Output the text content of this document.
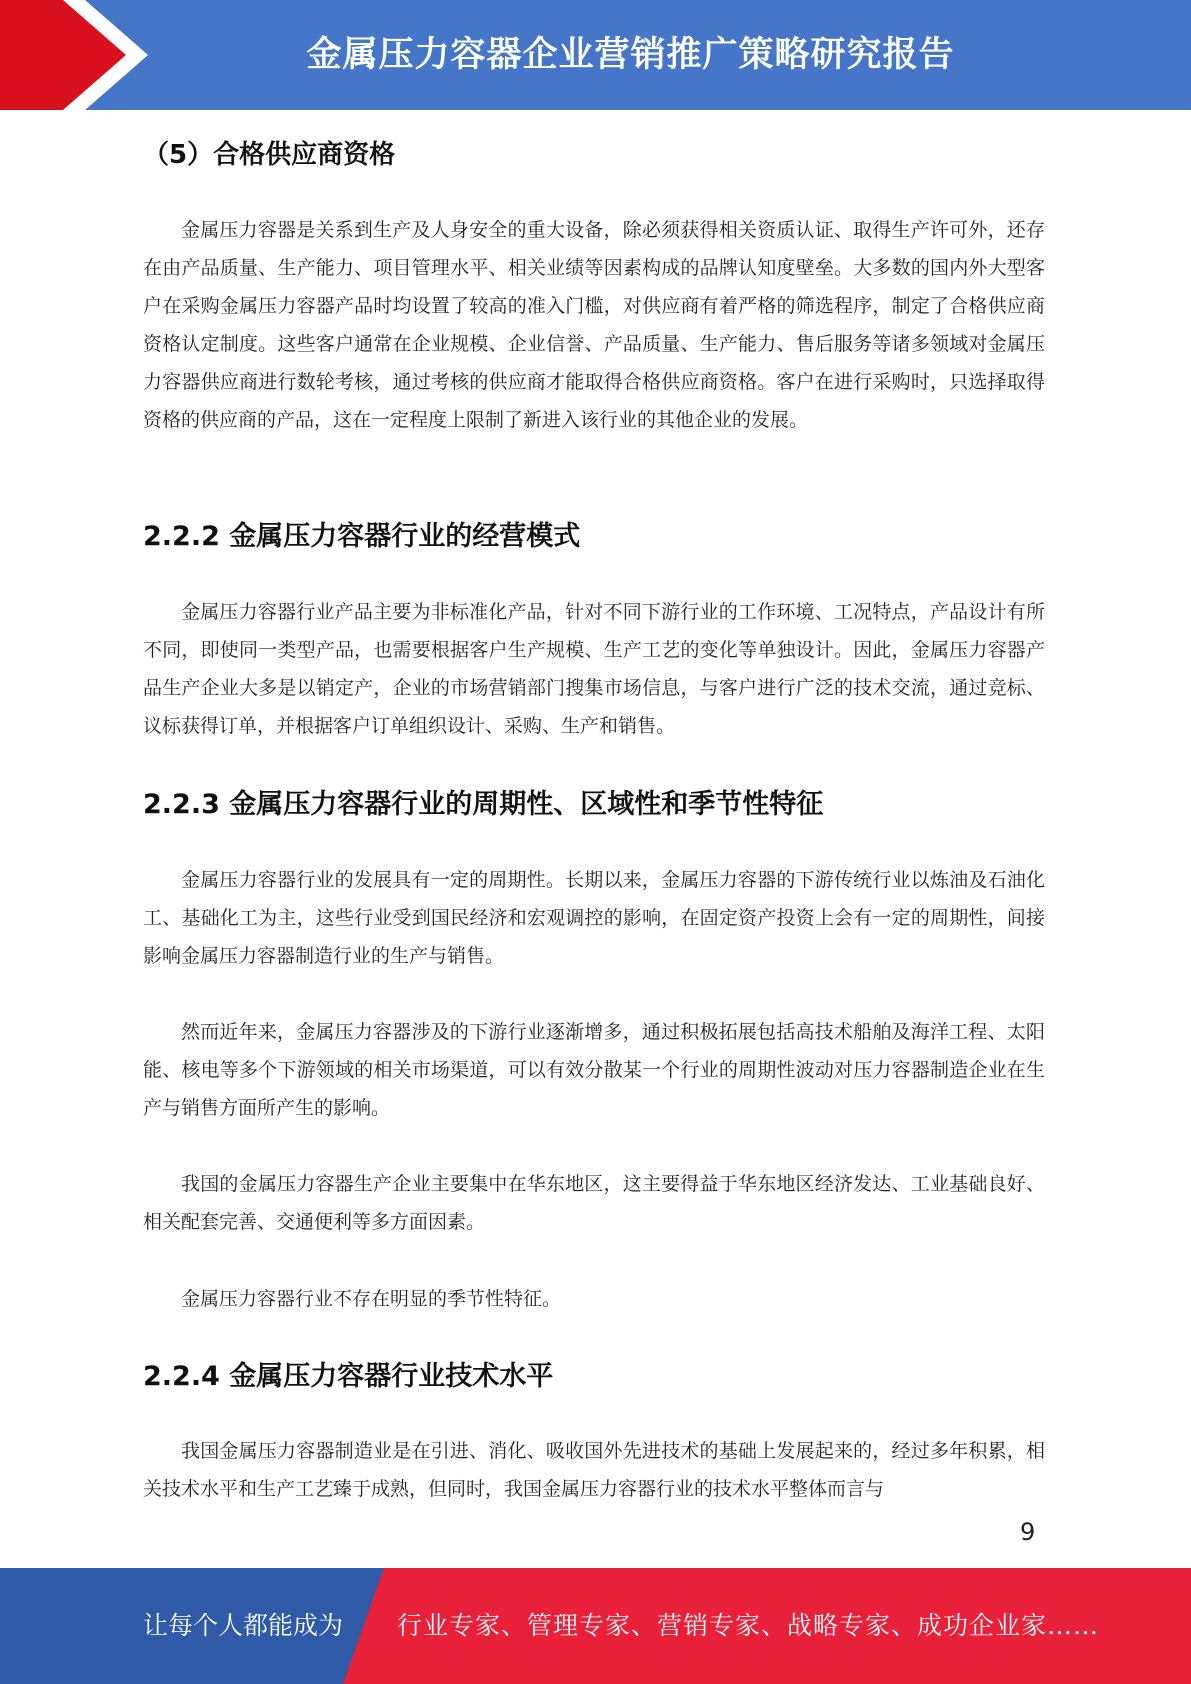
金属压力容器企业营销推广策略研究报告
（5）合格供应商资格

金属压力容器是关系到生产及人身安全的重大设备，除必须获得相关资质认证、取得生产许可外，还存在由产品质量、生产能力、项目管理水平、相关业绩等因素构成的品牌认知度壁垒。大多数的国内外大型客户在采购金属压力容器产品时均设置了较高的准入门槛，对供应商有着严格的筛选程序，制定了合格供应商资格认定制度。这些客户通常在企业规模、企业信誉、产品质量、生产能力、售后服务等诸多领域对金属压力容器供应商进行数轮考核，通过考核的供应商才能取得合格供应商资格。客户在进行采购时，只选择取得资格的供应商的产品，这在一定程度上限制了新进入该行业的其他企业的发展。

2.2.2 金属压力容器行业的经营模式

金属压力容器行业产品主要为非标准化产品，针对不同下游行业的工作环境、工况特点，产品设计有所不同，即使同一类型产品，也需要根据客户生产规模、生产工艺的变化等单独设计。因此，金属压力容器产品生产企业大多是以销定产，企业的市场营销部门搜集市场信息，与客户进行广泛的技术交流，通过竞标、议标获得订单，并根据客户订单组织设计、采购、生产和销售。

2.2.3 金属压力容器行业的周期性、区域性和季节性特征

金属压力容器行业的发展具有一定的周期性。长期以来，金属压力容器的下游传统行业以炼油及石油化工、基础化工为主，这些行业受到国民经济和宏观调控的影响，在固定资产投资上会有一定的周期性，间接影响金属压力容器制造行业的生产与销售。

然而近年来，金属压力容器涉及的下游行业逐渐增多，通过积极拓展包括高技术船舶及海洋工程、太阳能、核电等多个下游领域的相关市场渠道，可以有效分散某一个行业的周期性波动对压力容器制造企业在生产与销售方面所产生的影响。

我国的金属压力容器生产企业主要集中在华东地区，这主要得益于华东地区经济发达、工业基础良好、相关配套完善、交通便利等多方面因素。

金属压力容器行业不存在明显的季节性特征。

2.2.4 金属压力容器行业技术水平

我国金属压力容器制造业是在引进、消化、吸收国外先进技术的基础上发展起来的，经过多年积累，相关技术水平和生产工艺臻于成熟，但同时，我国金属压力容器行业的技术水平整体而言与

9
让每个人都能成为 行业专家、管理专家、营销专家、战略专家、成功企业家……
